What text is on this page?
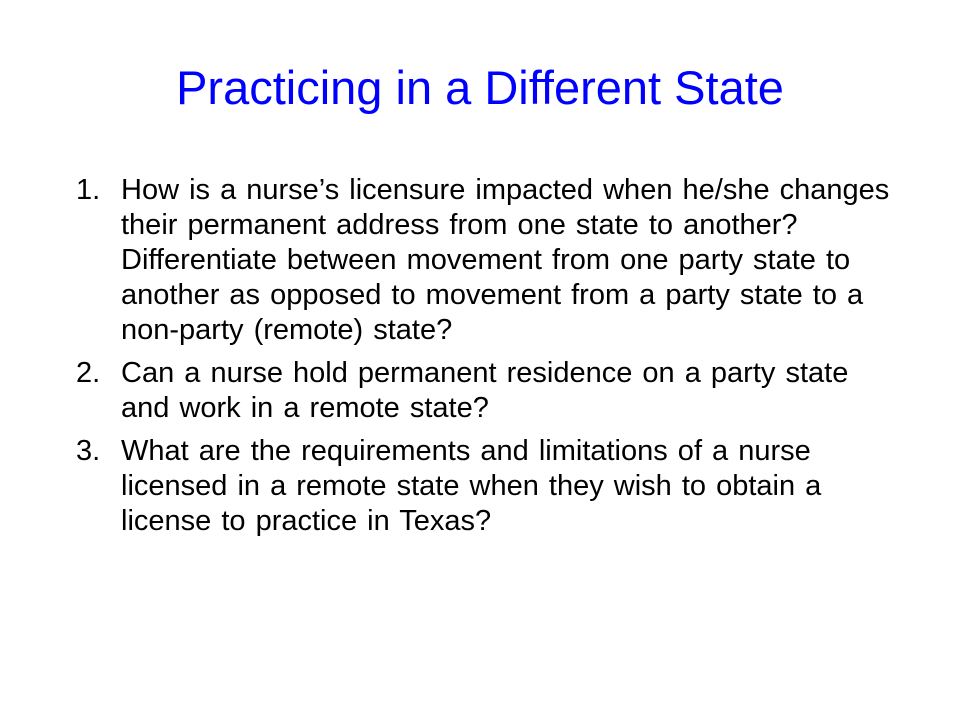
Practicing in a Different State
1. How is a nurse’s licensure impacted when he/she changes their permanent address from one state to another? Differentiate between movement from one party state to another as opposed to movement from a party state to a non-party (remote) state?
2. Can a nurse hold permanent residence on a party state and work in a remote state?
3. What are the requirements and limitations of a nurse licensed in a remote state when they wish to obtain a license to practice in Texas?
